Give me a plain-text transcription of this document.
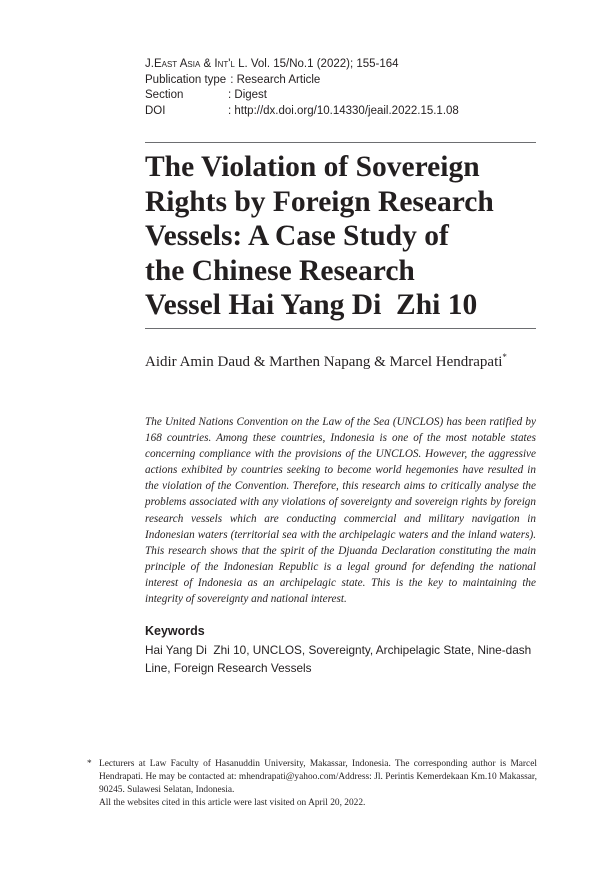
J. East Asia & Int'l L. Vol. 15/No.1 (2022); 155-164
Publication type : Research Article
Section	: Digest
DOI	: http://dx.doi.org/10.14330/jeail.2022.15.1.08
The Violation of Sovereign
Rights by Foreign Research
Vessels: A Case Study of
the Chinese Research
Vessel Hai Yang Di  Zhi 10
Aidir Amin Daud & Marthen Napang & Marcel Hendrapati*

The United Nations Convention on the Law of the Sea (UNCLOS) has been ratified by 168 countries. Among these countries, Indonesia is one of the most notable states concerning compliance with the provisions of the UNCLOS. However, the aggressive actions exhibited by countries seeking to become world hegemonies have resulted in the violation of the Convention. Therefore, this research aims to critically analyse the problems associated with any violations of sovereignty and sovereign rights by foreign research vessels which are conducting commercial and military navigation in Indonesian waters (territorial sea with the archipelagic waters and the inland waters). This research shows that the spirit of the Djuanda Declaration constituting the main principle of the Indonesian Republic is a legal ground for defending the national interest of Indonesia as an archipelagic state. This is the key to maintaining the integrity of sovereignty and national interest.

Keywords

Hai Yang Di  Zhi 10, UNCLOS, Sovereignty, Archipelagic State, Nine-dash Line, Foreign Research Vessels

* Lecturers at Law Faculty of Hasanuddin University, Makassar, Indonesia. The corresponding author is Marcel Hendrapati. He may be contacted at: mhendrapati@yahoo.com/Address: Jl. Perintis Kemerdekaan Km.10 Makassar, 90245. Sulawesi Selatan, Indonesia.

All the websites cited in this article were last visited on April 20, 2022.
